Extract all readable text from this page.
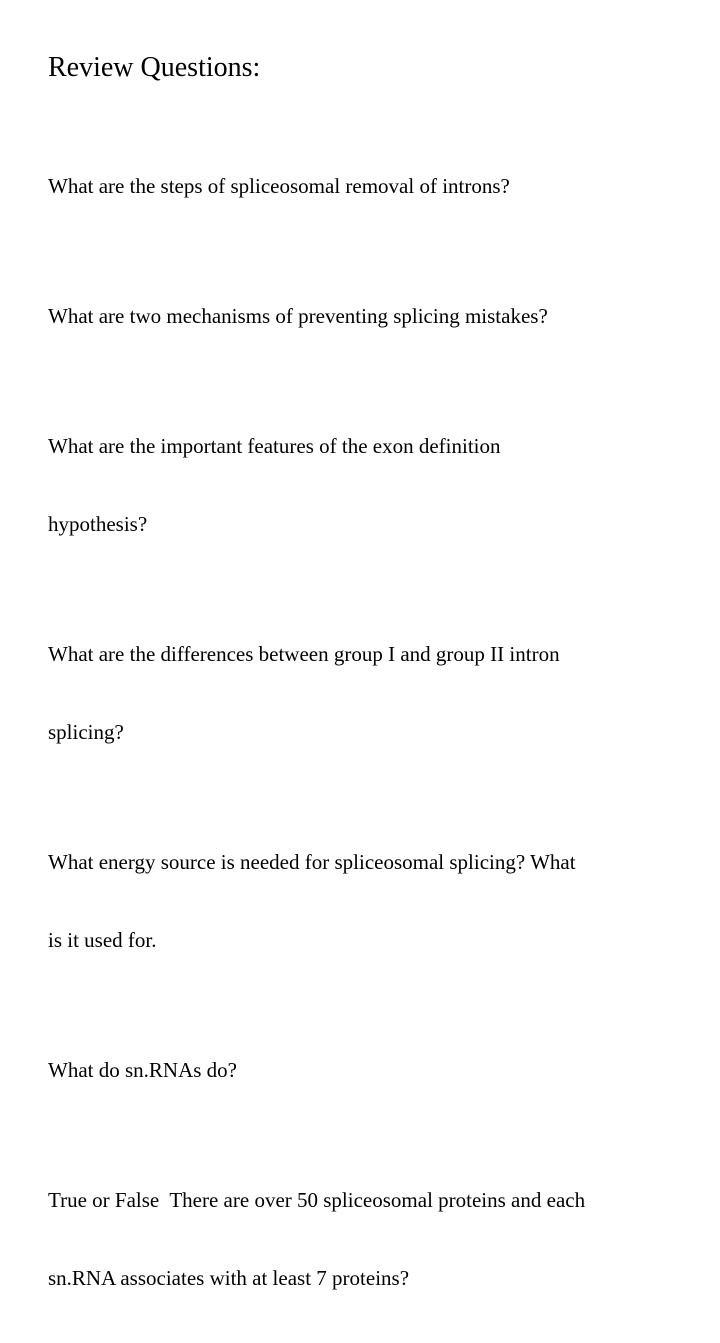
Review Questions:

What are the steps of spliceosomal removal of introns?

What are two mechanisms of preventing splicing mistakes?

What are the important features of the exon definition

hypothesis?

What are the differences between group I and group II intron

splicing?

What energy source is needed for spliceosomal splicing? What

is it used for.

What do sn.RNAs do?

True or False  There are over 50 spliceosomal proteins and each

sn.RNA associates with at least 7 proteins?
